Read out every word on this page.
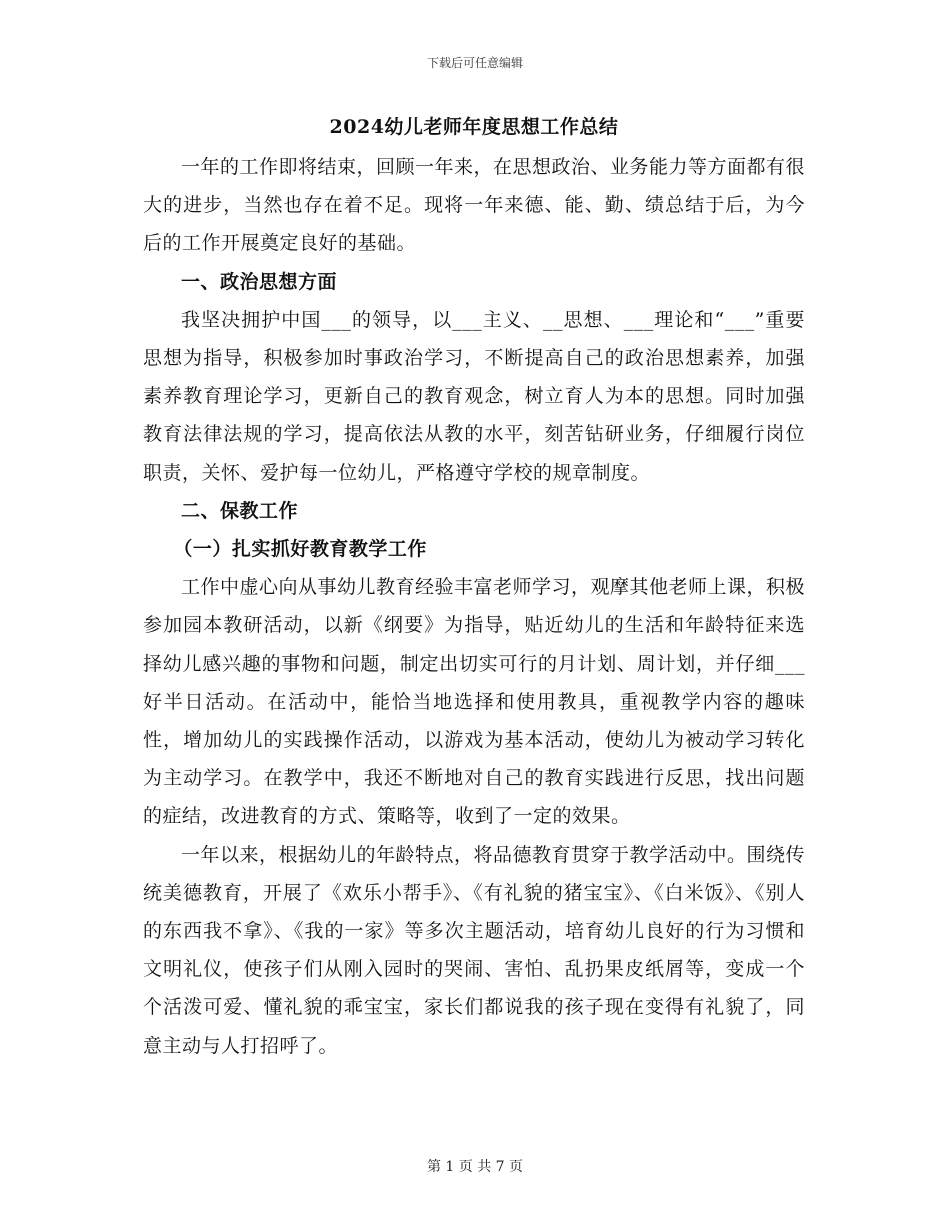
下载后可任意编辑

2024幼儿老师年度思想工作总结

一年的工作即将结束，回顾一年来，在思想政治、业务能力等方面都有很大的进步，当然也存在着不足。现将一年来德、能、勤、绩总结于后，为今后的工作开展奠定良好的基础。

一、政治思想方面

我坚决拥护中国___的领导，以___主义、__思想、___理论和“___”重要思想为指导，积极参加时事政治学习，不断提高自己的政治思想素养，加强素养教育理论学习，更新自己的教育观念，树立育人为本的思想。同时加强教育法律法规的学习，提高依法从教的水平，刻苦钻研业务，仔细履行岗位职责，关怀、爱护每一位幼儿，严格遵守学校的规章制度。

二、保教工作

（一）扎实抓好教育教学工作

工作中虚心向从事幼儿教育经验丰富老师学习，观摩其他老师上课，积极参加园本教研活动，以新《纲要》为指导，贴近幼儿的生活和年龄特征来选择幼儿感兴趣的事物和问题，制定出切实可行的月计划、周计划，并仔细___好半日活动。在活动中，能恰当地选择和使用教具，重视教学内容的趣味性，增加幼儿的实践操作活动，以游戏为基本活动，使幼儿为被动学习转化为主动学习。在教学中，我还不断地对自己的教育实践进行反思，找出问题的症结，改进教育的方式、策略等，收到了一定的效果。

一年以来，根据幼儿的年龄特点，将品德教育贯穿于教学活动中。围绕传统美德教育，开展了《欢乐小帮手》、《有礼貌的猪宝宝》、《白米饭》、《别人的东西我不拿》、《我的一家》等多次主题活动，培育幼儿良好的行为习惯和文明礼仪，使孩子们从刚入园时的哭闹、害怕、乱扔果皮纸屑等，变成一个个活泼可爱、懂礼貌的乖宝宝，家长们都说我的孩子现在变得有礼貌了，同意主动与人打招呼了。

第 1 页 共 7 页
